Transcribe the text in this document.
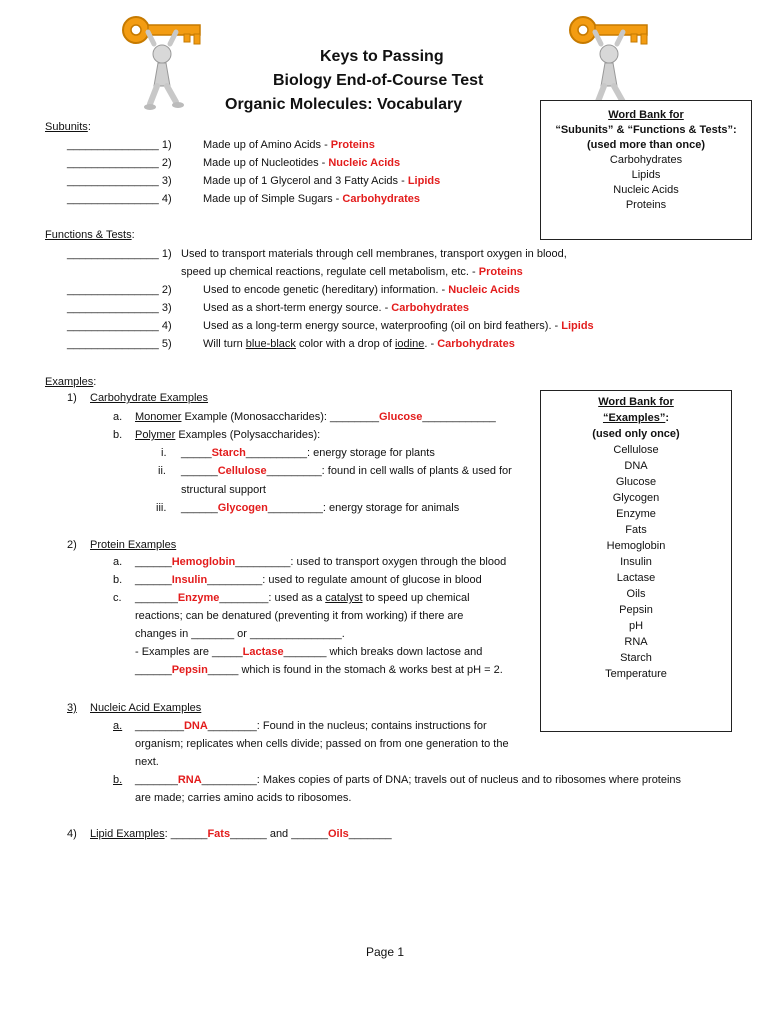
Keys to Passing
Biology End-of-Course Test
Organic Molecules: Vocabulary
Word Bank for
“Subunits” & “Functions & Tests”:
(used more than once)
Carbohydrates
Lipids
Nucleic Acids
Proteins
Subunits:
_______________ 1)	Made up of Amino Acids - Proteins
_______________ 2)	Made up of Nucleotides - Nucleic Acids
_______________ 3)	Made up of 1 Glycerol and 3 Fatty Acids - Lipids
_______________ 4)	Made up of Simple Sugars - Carbohydrates
Functions & Tests:
_______________ 1) Used to transport materials through cell membranes, transport oxygen in blood,
speed up chemical reactions, regulate cell metabolism, etc. - Proteins
_______________ 2)	Used to encode genetic (hereditary) information. - Nucleic Acids
_______________ 3)	Used as a short-term energy source. - Carbohydrates
_______________ 4)	Used as a long-term energy source, waterproofing (oil on bird feathers). - Lipids
_______________ 5)	Will turn blue-black color with a drop of iodine. - Carbohydrates
Examples:
1) Carbohydrate Examples
a. Monomer Example (Monosaccharides): ________Glucose____________
b. Polymer Examples (Polysaccharides):
i. _____Starch__________: energy storage for plants
ii. ______Cellulose_________: found in cell walls of plants & used for
structural support
iii. ______Glycogen_________: energy storage for animals
2) Protein Examples
a. ______Hemoglobin_________: used to transport oxygen through the blood
b. ______Insulin_________: used to regulate amount of glucose in blood
c. _______Enzyme________: used as a catalyst to speed up chemical
reactions; can be denatured (preventing it from working) if there are
changes in _______ or _______________.
- Examples are _____Lactase_______ which breaks down lactose and
______Pepsin_____ which is found in the stomach & works best at pH = 2.
3) Nucleic Acid Examples
a. ________DNA________: Found in the nucleus; contains instructions for
organism; replicates when cells divide; passed on from one generation to the
next.
b. _______RNA_________: Makes copies of parts of DNA; travels out of nucleus and to ribosomes where proteins
are made; carries amino acids to ribosomes.
4) Lipid Examples: ______Fats______ and ______Oils_______
Word Bank for
“Examples”:
(used only once)
Cellulose
DNA
Glucose
Glycogen
Enzyme
Fats
Hemoglobin
Insulin
Lactase
Oils
Pepsin
pH
RNA
Starch
Temperature
Page 1
